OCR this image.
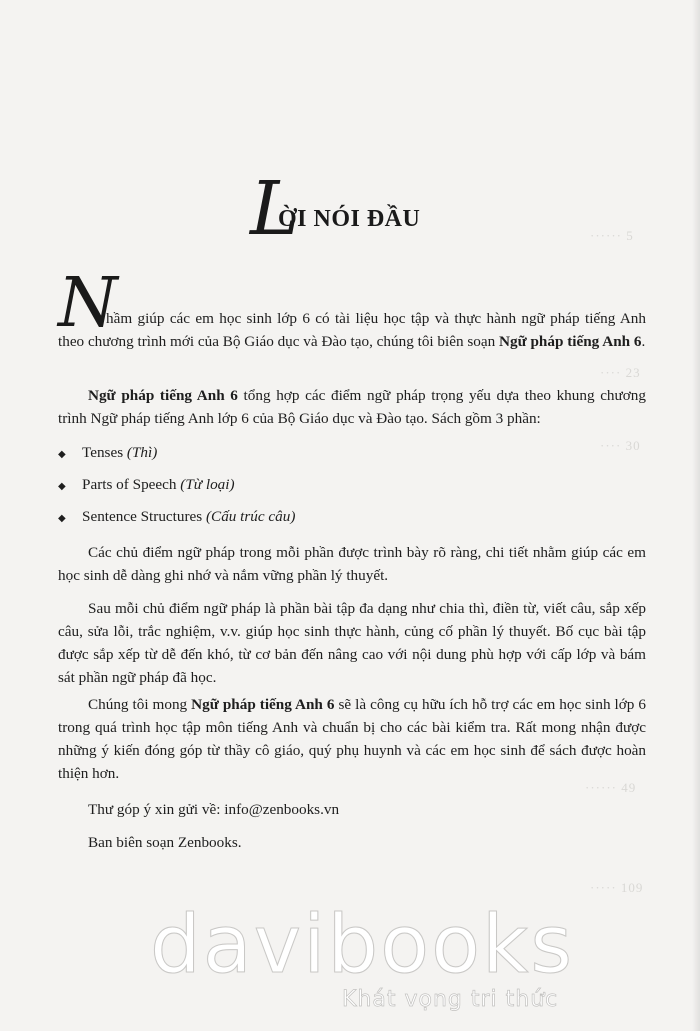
······ 5
···· 23
···· 30
······ 49
····· 109
L
ỜI NÓI ĐẦU
N

hầm giúp các em học sinh lớp 6 có tài liệu học tập và thực hành ngữ pháp tiếng Anh theo chương trình mới của Bộ Giáo dục và Đào tạo, chúng tôi biên soạn Ngữ pháp tiếng Anh 6.

Ngữ pháp tiếng Anh 6 tổng hợp các điểm ngữ pháp trọng yếu dựa theo khung chương trình Ngữ pháp tiếng Anh lớp 6 của Bộ Giáo dục và Đào tạo. Sách gồm 3 phần:

◆ Tenses (Thì)
◆ Parts of Speech (Từ loại)
◆ Sentence Structures (Cấu trúc câu)

Các chủ điểm ngữ pháp trong mỗi phần được trình bày rõ ràng, chi tiết nhằm giúp các em học sinh dễ dàng ghi nhớ và nắm vững phần lý thuyết.

Sau mỗi chủ điểm ngữ pháp là phần bài tập đa dạng như chia thì, điền từ, viết câu, sắp xếp câu, sửa lỗi, trắc nghiệm, v.v. giúp học sinh thực hành, củng cố phần lý thuyết. Bố cục bài tập được sắp xếp từ dễ đến khó, từ cơ bản đến nâng cao với nội dung phù hợp với cấp lớp và bám sát phần ngữ pháp đã học.

Chúng tôi mong Ngữ pháp tiếng Anh 6 sẽ là công cụ hữu ích hỗ trợ các em học sinh lớp 6 trong quá trình học tập môn tiếng Anh và chuẩn bị cho các bài kiểm tra. Rất mong nhận được những ý kiến đóng góp từ thầy cô giáo, quý phụ huynh và các em học sinh để sách được hoàn thiện hơn.

Thư góp ý xin gửi về: info@zenbooks.vn

Ban biên soạn Zenbooks.

davibooks
Khát vọng tri thức
